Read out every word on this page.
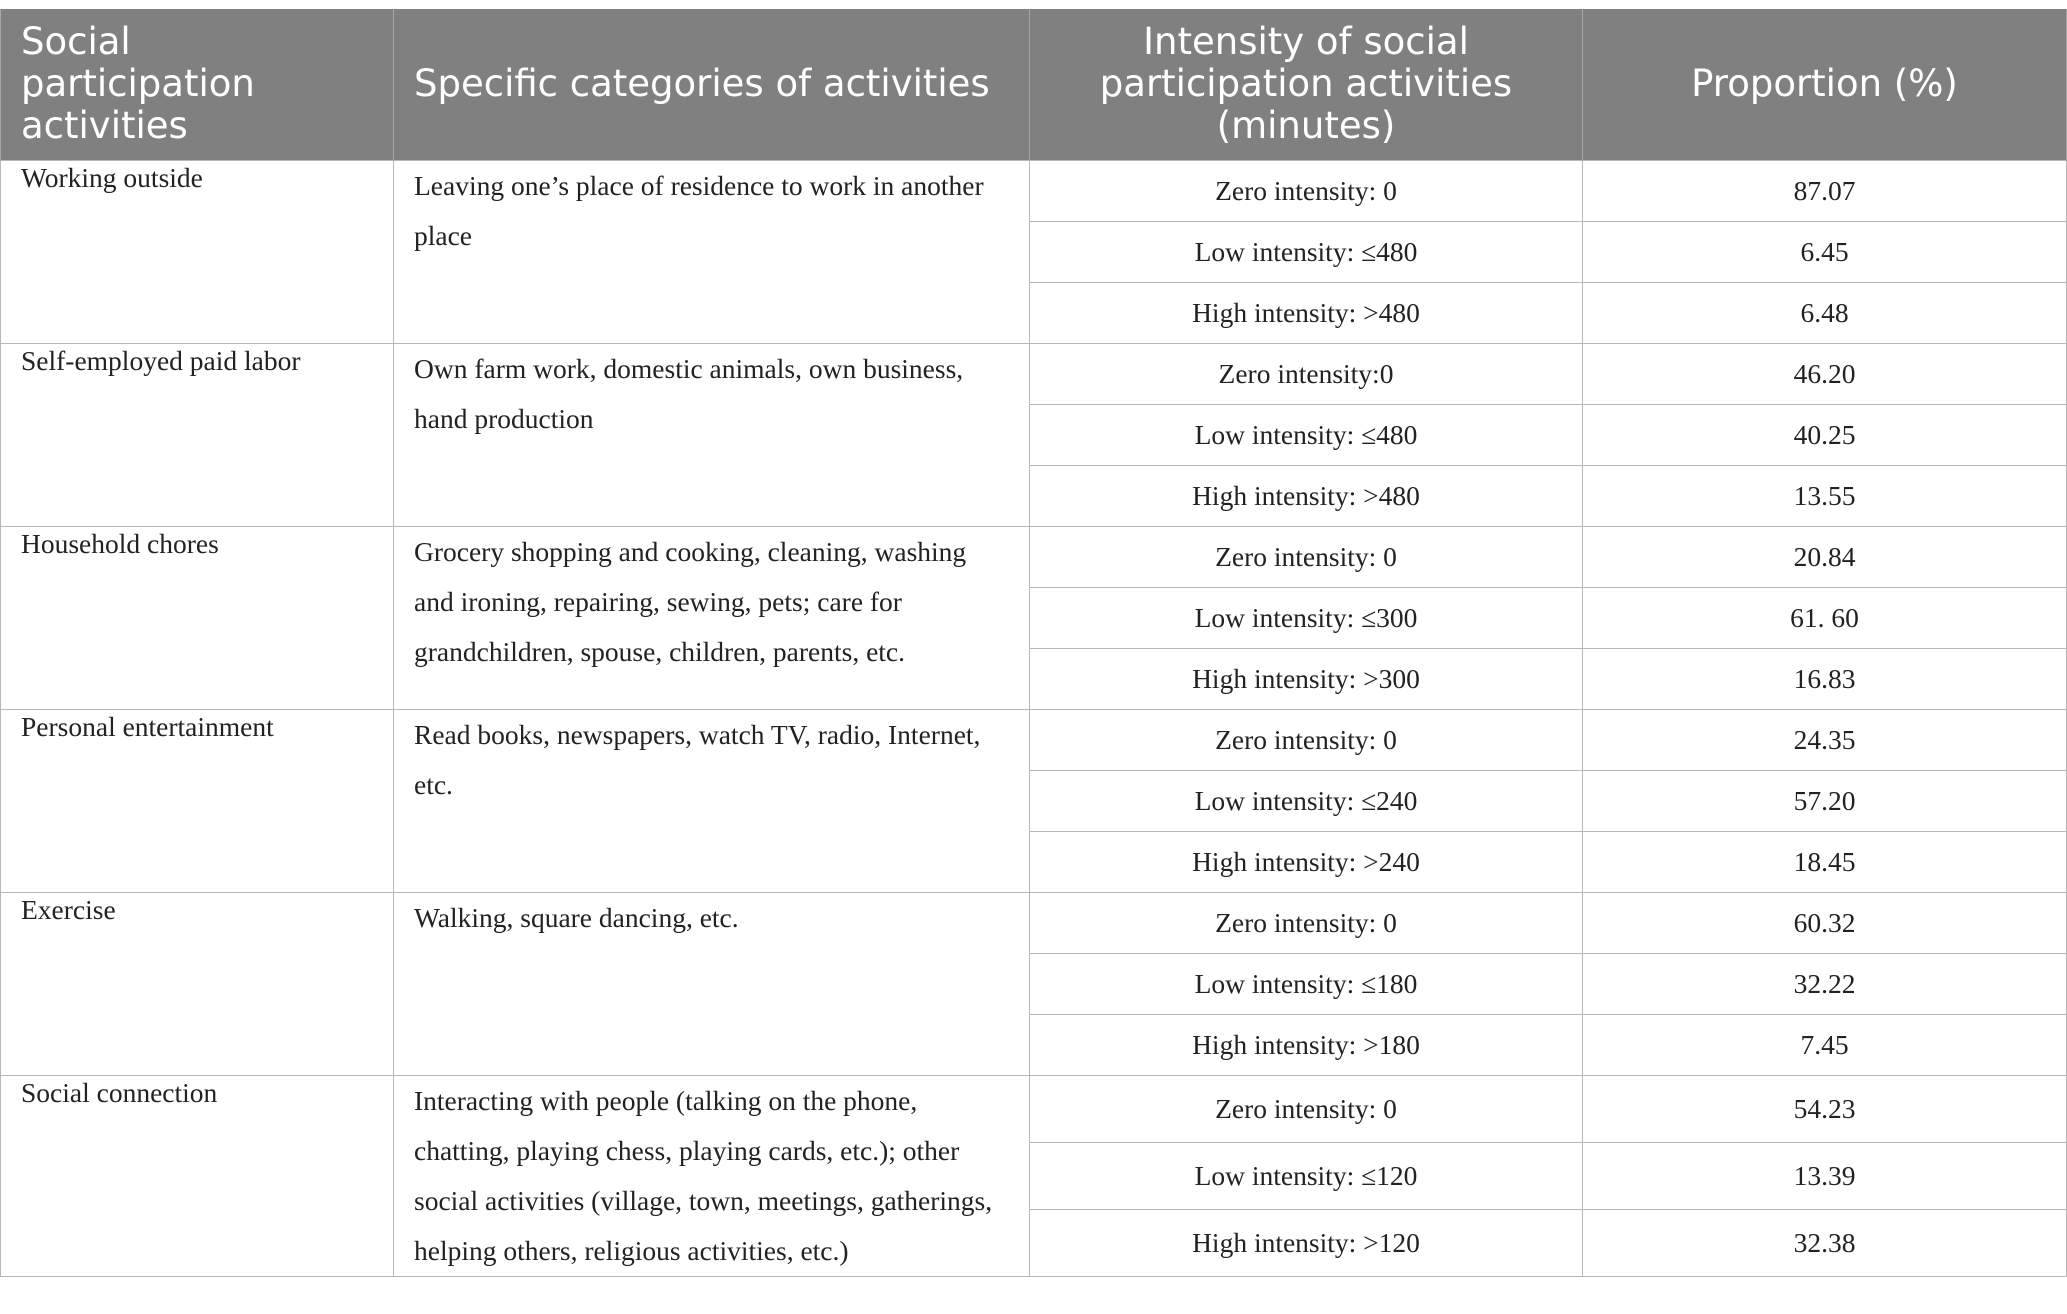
Social participation activities	Specific categories of activities	Intensity of social participation activities (minutes)	Proportion (%)
Working outside	Leaving one’s place of residence to work in another place	Zero intensity: 0	87.07
		Low intensity: ≤480	6.45
		High intensity: >480	6.48
Self-employed paid labor	Own farm work, domestic animals, own business, hand production	Zero intensity:0	46.20
		Low intensity: ≤480	40.25
		High intensity: >480	13.55
Household chores	Grocery shopping and cooking, cleaning, washing and ironing, repairing, sewing, pets; care for grandchildren, spouse, children, parents, etc.	Zero intensity: 0	20.84
		Low intensity: ≤300	61. 60
		High intensity: >300	16.83
Personal entertainment	Read books, newspapers, watch TV, radio, Internet, etc.	Zero intensity: 0	24.35
		Low intensity: ≤240	57.20
		High intensity: >240	18.45
Exercise	Walking, square dancing, etc.	Zero intensity: 0	60.32
		Low intensity: ≤180	32.22
		High intensity: >180	7.45
Social connection	Interacting with people (talking on the phone, chatting, playing chess, playing cards, etc.); other social activities (village, town, meetings, gatherings, helping others, religious activities, etc.)	Zero intensity: 0	54.23
		Low intensity: ≤120	13.39
		High intensity: >120	32.38
